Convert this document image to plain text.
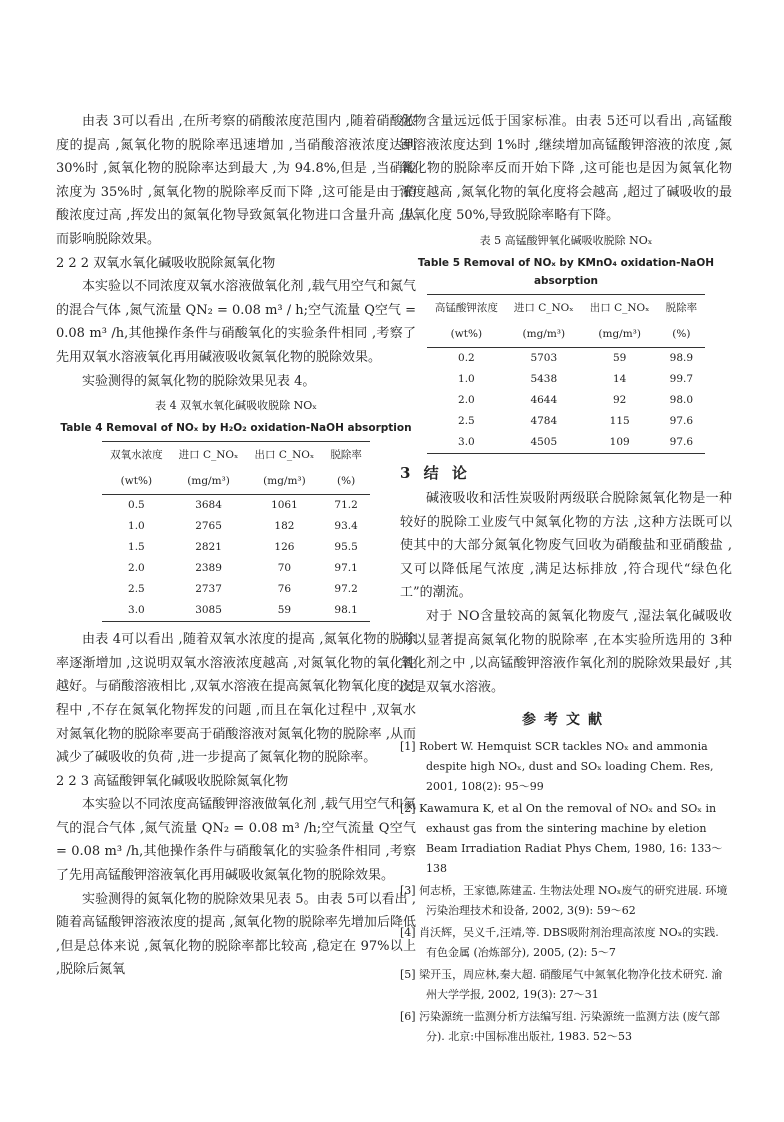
由表 3可以看出 ,在所考察的硝酸浓度范围内 ,随着硝酸浓度的提高 ,氮氧化物的脱除率迅速增加 ,当硝酸溶液浓度达到 30%时 ,氮氧化物的脱除率达到最大 ,为 94.8%,但是 ,当硝酸浓度为 35%时 ,氮氧化物的脱除率反而下降 ,这可能是由于硝酸浓度过高 ,挥发出的氮氧化物导致氮氧化物进口含量升高 ,从而影响脱除效果。

2 2 2 双氧水氧化碱吸收脱除氮氧化物

本实验以不同浓度双氧水溶液做氧化剂 ,载气用空气和氮气的混合气体 ,氮气流量 QN₂ = 0.08 m³ / h;空气流量 Q空气 = 0.08 m³ /h,其他操作条件与硝酸氧化的实验条件相同 ,考察了先用双氧水溶液氧化再用碱液吸收氮氧化物的脱除效果。

实验测得的氮氧化物的脱除效果见表 4。

表 4 双氧水氧化碱吸收脱除 NOₓ
Table 4 Removal of NOₓ by H₂O₂ oxidation-NaOH absorption
双氧水浓度	进口 C_NOₓ	出口 C_NOₓ	脱除率
(wt%)	(mg/m³)	(mg/m³)	(%)
0.5	3684	1061	71.2
1.0	2765	182	93.4
1.5	2821	126	95.5
2.0	2389	70	97.1
2.5	2737	76	97.2
3.0	3085	59	98.1

由表 4可以看出 ,随着双氧水浓度的提高 ,氮氧化物的脱除率逐渐增加 ,这说明双氧水溶液浓度越高 ,对氮氧化物的氧化性越好。与硝酸溶液相比 ,双氧水溶液在提高氮氧化物氧化度的过程中 ,不存在氮氧化物挥发的问题 ,而且在氧化过程中 ,双氧水对氮氧化物的脱除率要高于硝酸溶液对氮氧化物的脱除率 ,从而减少了碱吸收的负荷 ,进一步提高了氮氧化物的脱除率。

2 2 3 高锰酸钾氧化碱吸收脱除氮氧化物

本实验以不同浓度高锰酸钾溶液做氧化剂 ,载气用空气和氮气的混合气体 ,氮气流量 QN₂ = 0.08 m³ /h;空气流量 Q空气 = 0.08 m³ /h,其他操作条件与硝酸氧化的实验条件相同 ,考察了先用高锰酸钾溶液氧化再用碱吸收氮氧化物的脱除效果。

实验测得的氮氧化物的脱除效果见表 5。由表 5可以看出 ,随着高锰酸钾溶液浓度的提高 ,氮氧化物的脱除率先增加后降低 ,但是总体来说 ,氮氧化物的脱除率都比较高 ,稳定在 97%以上 ,脱除后氮氧

化物含量远远低于国家标准。由表 5还可以看出 ,高锰酸钾溶液浓度达到 1%时 ,继续增加高锰酸钾溶液的浓度 ,氮氧化物的脱除率反而开始下降 ,这可能也是因为氮氧化物浓度越高 ,氮氧化物的氧化度将会越高 ,超过了碱吸收的最佳氧化度 50%,导致脱除率略有下降。

表 5 高锰酸钾氧化碱吸收脱除 NOₓ
Table 5 Removal of NOₓ by KMnO₄ oxidation-NaOH absorption
高锰酸钾浓度	进口 C_NOₓ	出口 C_NOₓ	脱除率
(wt%)	(mg/m³)	(mg/m³)	(%)
0.2	5703	59	98.9
1.0	5438	14	99.7
2.0	4644	92	98.0
2.5	4784	115	97.6
3.0	4505	109	97.6
3 结 论

碱液吸收和活性炭吸附两级联合脱除氮氧化物是一种较好的脱除工业废气中氮氧化物的方法 ,这种方法既可以使其中的大部分氮氧化物废气回收为硝酸盐和亚硝酸盐 ,又可以降低尾气浓度 ,满足达标排放 ,符合现代“绿色化工”的潮流。

对于 NO含量较高的氮氧化物废气 ,湿法氧化碱吸收可以显著提高氮氧化物的脱除率 ,在本实验所选用的 3种氧化剂之中 ,以高锰酸钾溶液作氧化剂的脱除效果最好 ,其次是双氧水溶液。

参考文献
[1] Robert W. Hemquist SCR tackles NOₓ and ammonia despite high NOₓ, dust and SOₓ loading Chem. Res, 2001, 108(2): 95～99
[2] Kawamura K, et al On the removal of NOₓ and SOₓ in exhaust gas from the sintering machine by eletion Beam Irradiation Radiat Phys Chem, 1980, 16: 133～138
[3] 何志桥，王家德,陈建孟. 生物法处理 NOₓ废气的研究进展. 环境污染治理技术和设备, 2002, 3(9): 59～62
[4] 肖沃辉，吴义千,汪靖,等. DBS吸附剂治理高浓度 NOₓ的实践. 有色金属 (冶炼部分), 2005, (2): 5～7
[5] 梁开玉，周应林,秦大超. 硝酸尾气中氮氧化物净化技术研究. 渝州大学学报, 2002, 19(3): 27～31
[6] 污染源统一监测分析方法编写组. 污染源统一监测方法 (废气部分). 北京:中国标准出版社, 1983. 52～53
